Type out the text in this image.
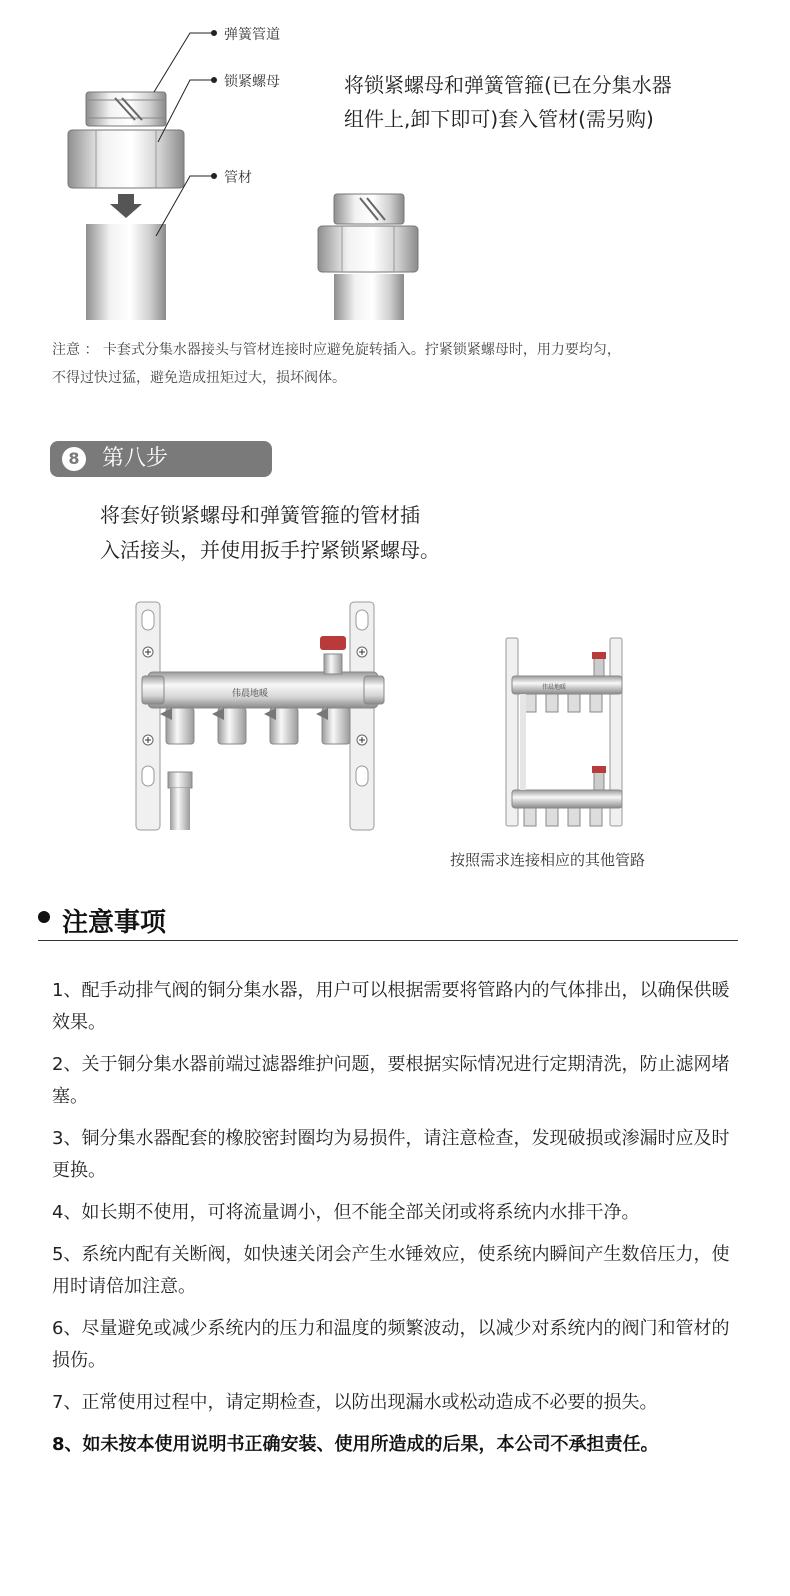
弹簧管道
锁紧螺母
管材
将锁紧螺母和弹簧管箍(已在分集水器
组件上,卸下即可)套入管材(需另购)
注意 ： 卡套式分集水器接头与管材连接时应避免旋转插入。拧紧锁紧螺母时，用力要均匀，
不得过快过猛，避免造成扭矩过大，损坏阀体。
8 第八步
将套好锁紧螺母和弹簧管箍的管材插
入活接头，并使用扳手拧紧锁紧螺母。
伟晨地暖
伟晨地暖
按照需求连接相应的其他管路
注意事项
1、配手动排气阀的铜分集水器，用户可以根据需要将管路内的气体排出，以确保供暖效果。
2、关于铜分集水器前端过滤器维护问题，要根据实际情况进行定期清洗，防止滤网堵塞。
3、铜分集水器配套的橡胶密封圈均为易损件，请注意检查，发现破损或渗漏时应及时更换。
4、如长期不使用，可将流量调小，但不能全部关闭或将系统内水排干净。
5、系统内配有关断阀，如快速关闭会产生水锤效应，使系统内瞬间产生数倍压力，使用时请倍加注意。
6、尽量避免或减少系统内的压力和温度的频繁波动，以减少对系统内的阀门和管材的损伤。
7、正常使用过程中，请定期检查，以防出现漏水或松动造成不必要的损失。
8、如未按本使用说明书正确安装、使用所造成的后果，本公司不承担责任。
